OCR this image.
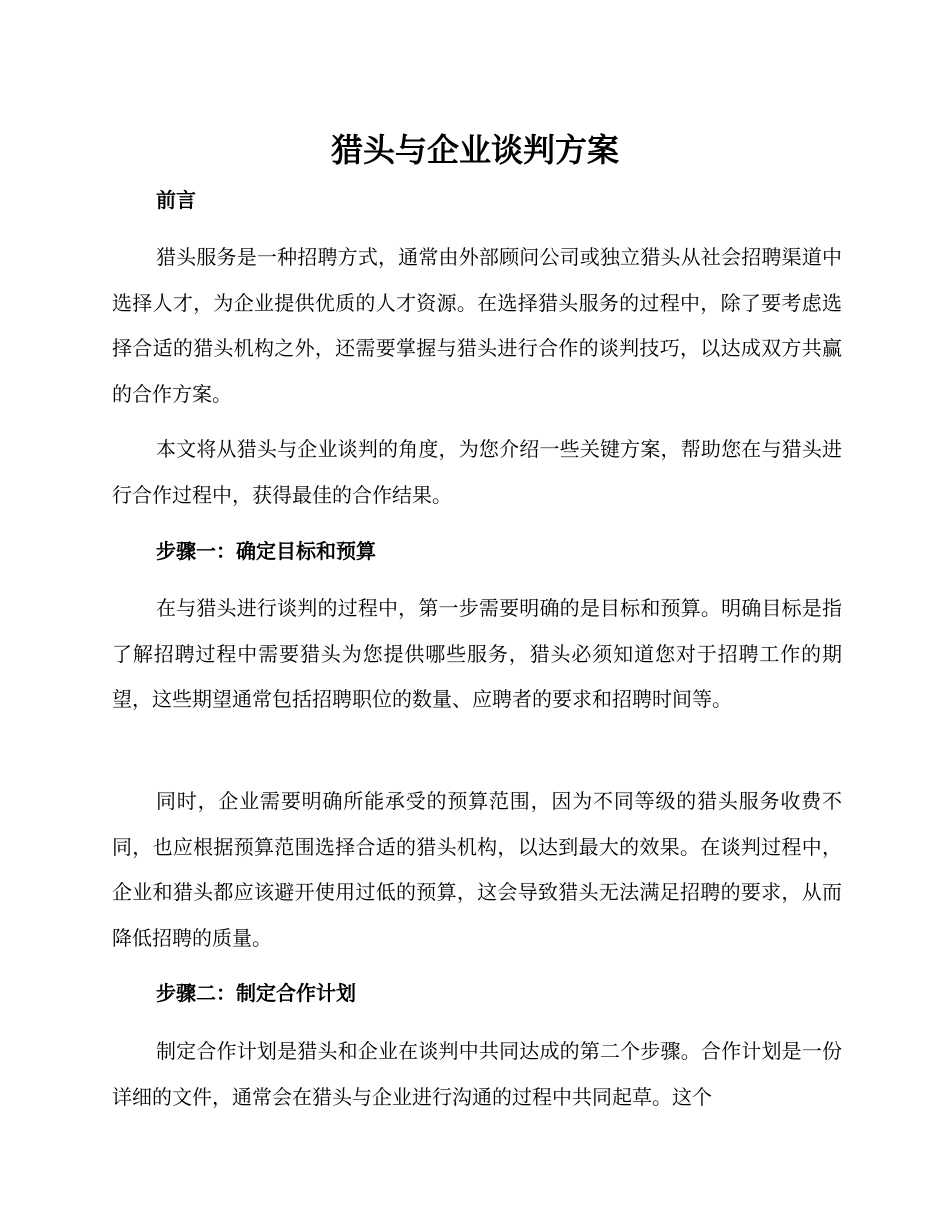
猎头与企业谈判方案
前言

猎头服务是一种招聘方式，通常由外部顾问公司或独立猎头从社会招聘渠道中选择人才，为企业提供优质的人才资源。在选择猎头服务的过程中，除了要考虑选择合适的猎头机构之外，还需要掌握与猎头进行合作的谈判技巧，以达成双方共赢的合作方案。

本文将从猎头与企业谈判的角度，为您介绍一些关键方案，帮助您在与猎头进行合作过程中，获得最佳的合作结果。

步骤一：确定目标和预算

在与猎头进行谈判的过程中，第一步需要明确的是目标和预算。明确目标是指了解招聘过程中需要猎头为您提供哪些服务，猎头必须知道您对于招聘工作的期望，这些期望通常包括招聘职位的数量、应聘者的要求和招聘时间等。

同时，企业需要明确所能承受的预算范围，因为不同等级的猎头服务收费不同，也应根据预算范围选择合适的猎头机构，以达到最大的效果。在谈判过程中，企业和猎头都应该避开使用过低的预算，这会导致猎头无法满足招聘的要求，从而降低招聘的质量。

步骤二：制定合作计划

制定合作计划是猎头和企业在谈判中共同达成的第二个步骤。合作计划是一份详细的文件，通常会在猎头与企业进行沟通的过程中共同起草。这个
